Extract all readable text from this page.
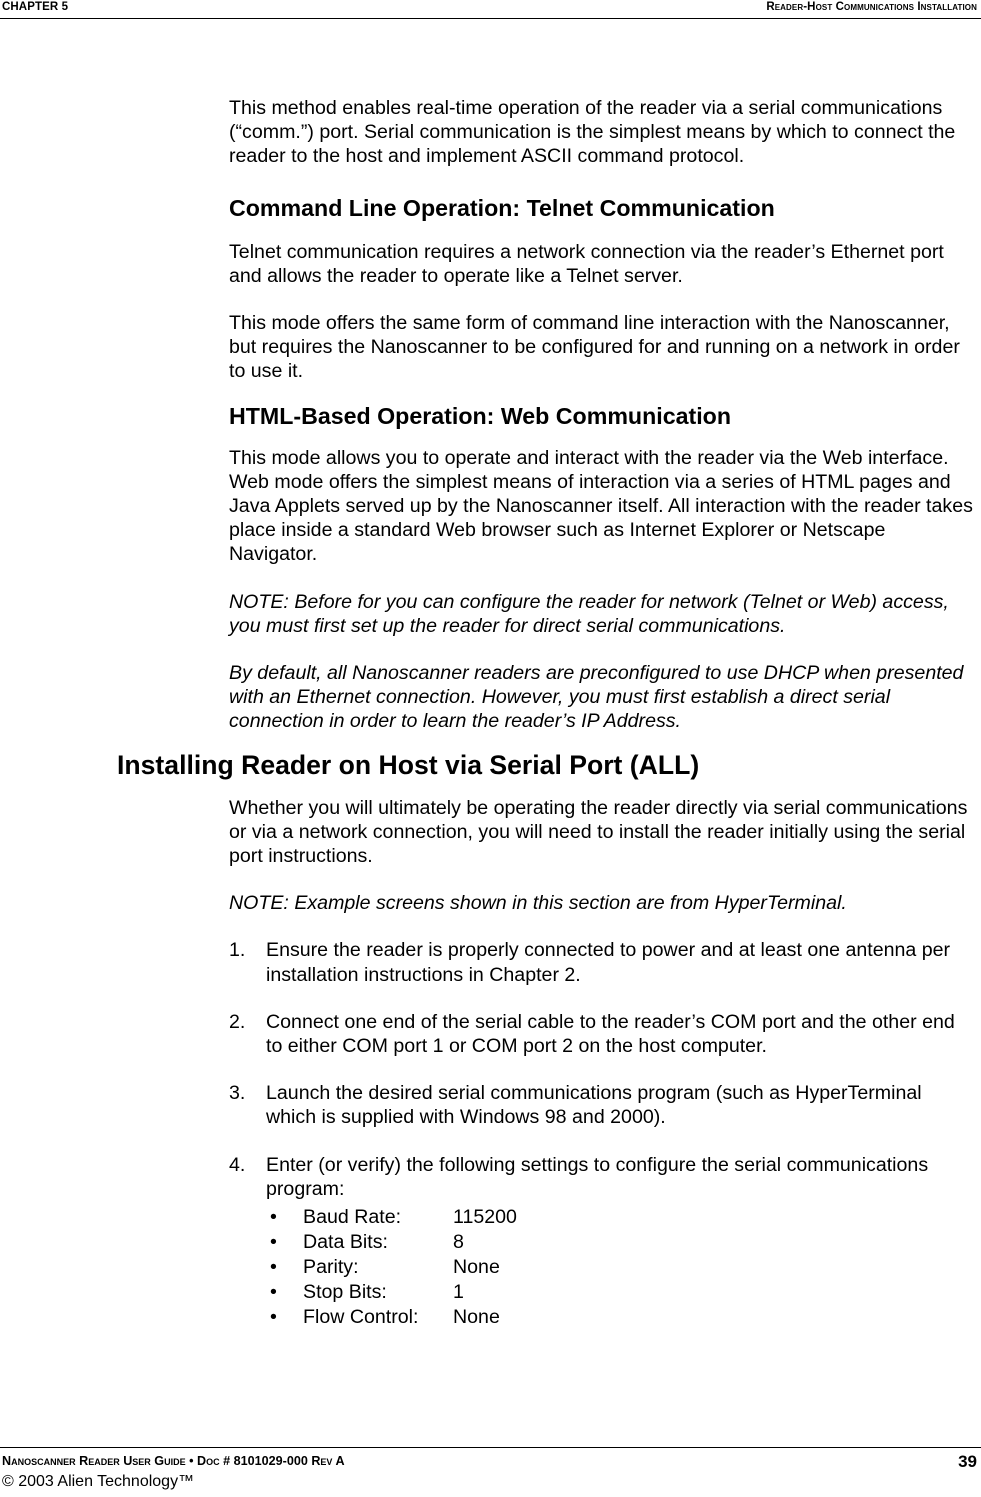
CHAPTER 5	Reader-Host Communications Installation

This method enables real-time operation of the reader via a serial communications (“comm.”) port. Serial communication is the simplest means by which to connect the reader to the host and implement ASCII command protocol.

Command Line Operation: Telnet Communication

Telnet communication requires a network connection via the reader’s Ethernet port and allows the reader to operate like a Telnet server.

This mode offers the same form of command line interaction with the Nanoscanner, but requires the Nanoscanner to be configured for and running on a network in order to use it.

HTML-Based Operation: Web Communication

This mode allows you to operate and interact with the reader via the Web interface. Web mode offers the simplest means of interaction via a series of HTML pages and Java Applets served up by the Nanoscanner itself. All interaction with the reader takes place inside a standard Web browser such as Internet Explorer or Netscape Navigator.

NOTE: Before for you can configure the reader for network (Telnet or Web) access, you must first set up the reader for direct serial communications.

By default, all Nanoscanner readers are preconfigured to use DHCP when presented with an Ethernet connection. However, you must first establish a direct serial connection in order to learn the reader’s IP Address.

Installing Reader on Host via Serial Port (ALL)

Whether you will ultimately be operating the reader directly via serial communications or via a network connection, you will need to install the reader initially using the serial port instructions.

NOTE: Example screens shown in this section are from HyperTerminal.

1. Ensure the reader is properly connected to power and at least one antenna per installation instructions in Chapter 2.
2. Connect one end of the serial cable to the reader’s COM port and the other end to either COM port 1 or COM port 2 on the host computer.
3. Launch the desired serial communications program (such as HyperTerminal which is supplied with Windows 98 and 2000).
4. Enter (or verify) the following settings to configure the serial communications program:
• Baud Rate:	115200
• Data Bits:	8
• Parity:	None
• Stop Bits:	1
• Flow Control: None
Nanoscanner Reader User Guide • Doc # 8101029-000 Rev A	39
© 2003 Alien Technology™
